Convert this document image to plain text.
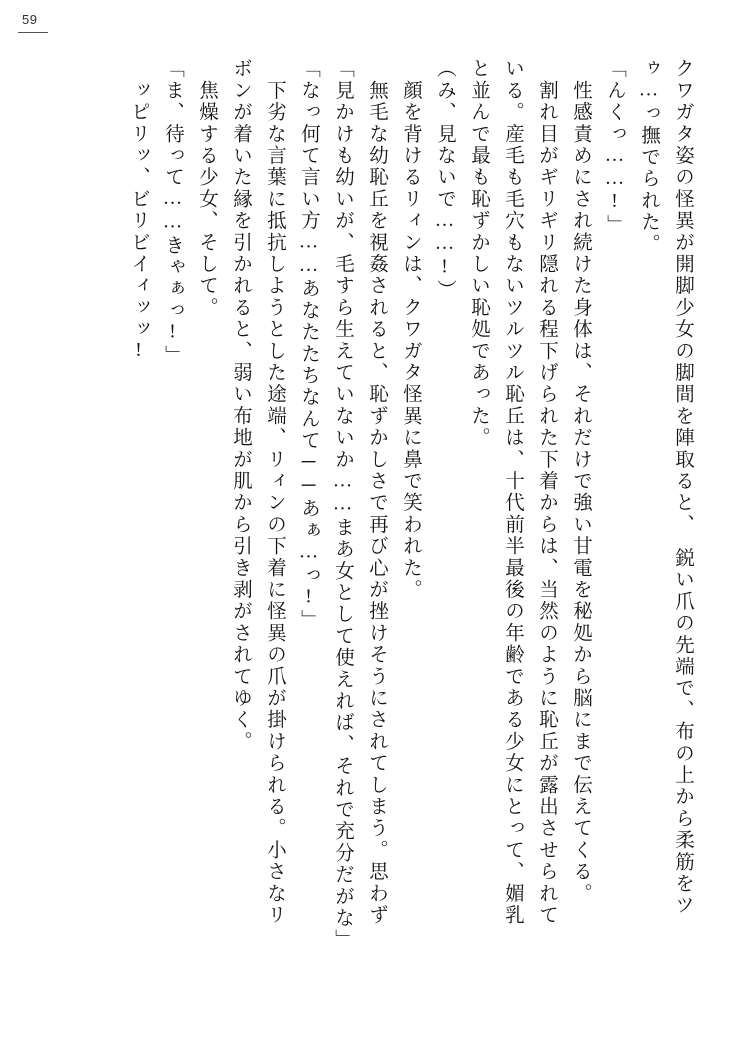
59
クワガタ姿の怪異が開脚少女の脚間を陣取ると、　鋭い爪の先端で、布の上から柔筋をツ
ゥ…っ撫でられた。
「んくっ……!」
　性感責めにされ続けた身体は、それだけで強い甘電を秘処から脳にまで伝えてくる。
　割れ目がギリギリ隠れる程下げられた下着からは、当然のように恥丘が露出させられて
いる。産毛も毛穴もないツルツル恥丘は、十代前半最後の年齢である少女にとって、媚乳
と並んで最も恥ずかしい恥処であった。
（み、見ないで……!）
　顔を背けるリィンは、クワガタ怪異に鼻で笑われた。
　無毛な幼恥丘を視姦されると、恥ずかしさで再び心が挫けそうにされてしまう。思わず
「見かけも幼いが、毛すら生えていないか……まあ女として使えれば、それで充分だがな」
「なっ何て言い方……あなたたちなんて──あぁ…っ!」
　下劣な言葉に抵抗しようとした途端、リィンの下着に怪異の爪が掛けられる。小さなリ
ボンが着いた縁を引かれると、弱い布地が肌から引き剥がされてゆく。
　焦燥する少女、そして。
「ま、待って……きゃぁっ!」
　ッピリッ、ビリビイィッッ!
